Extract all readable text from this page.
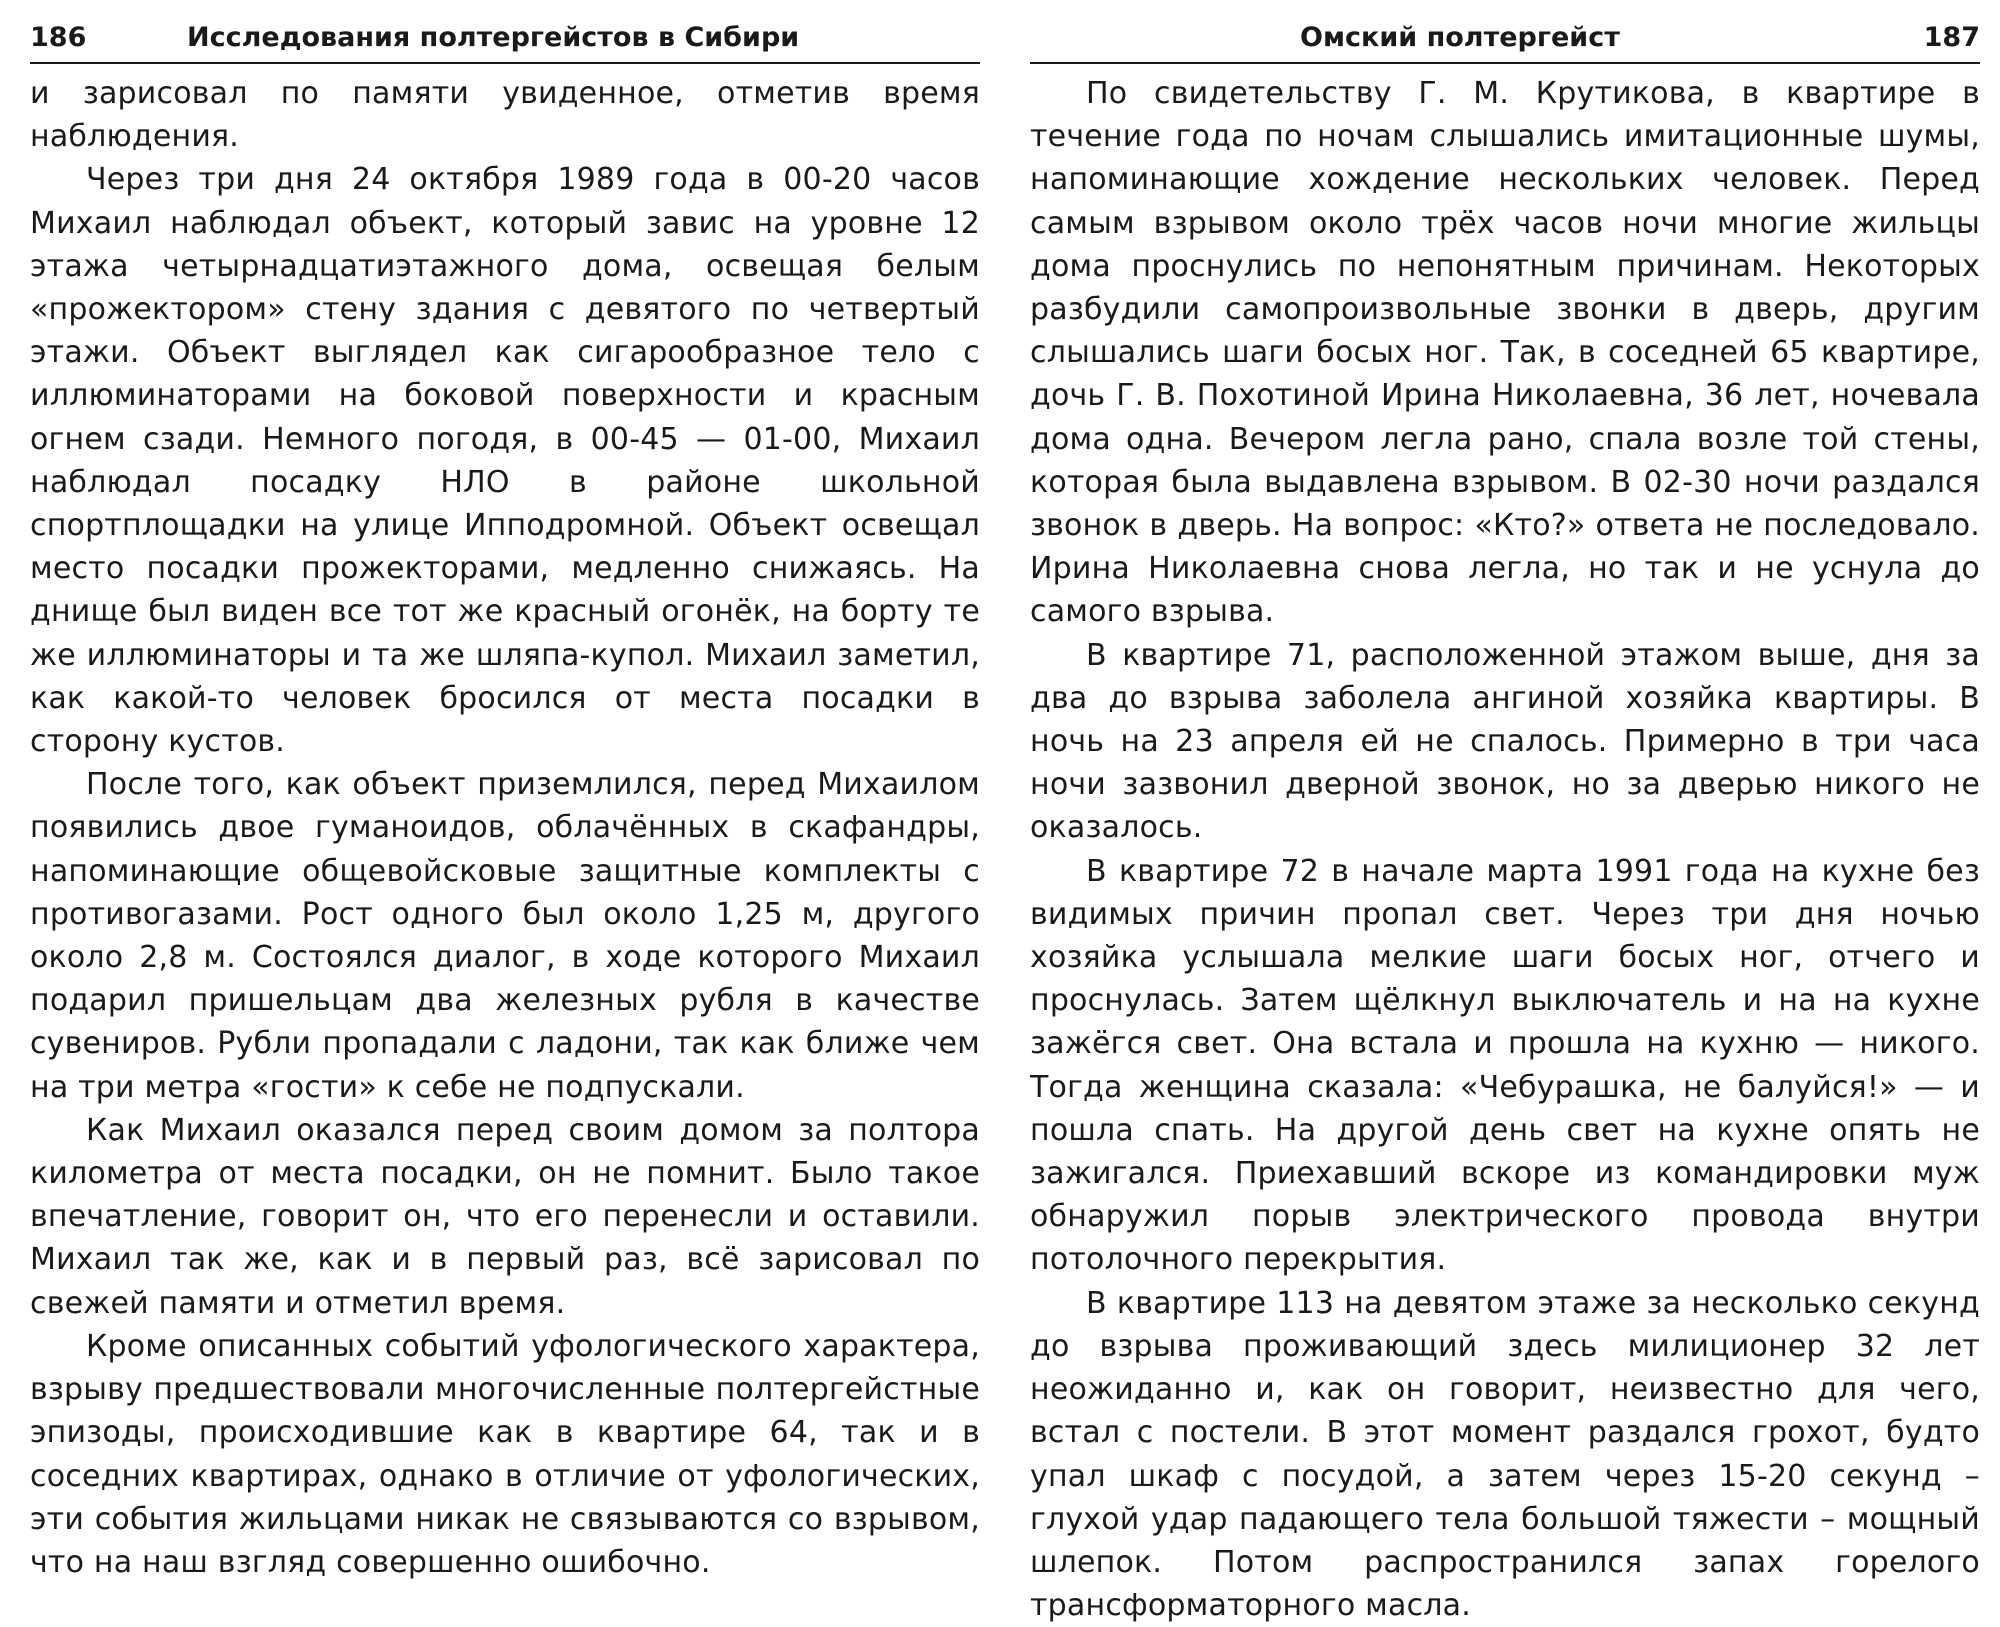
186	Исследования полтергейстов в Сибири

и зарисовал по памяти увиденное, отметив время наблюдения.

Через три дня 24 октября 1989 года в 00-20 часов Михаил наблюдал объект, который завис на уровне 12 этажа четырнадцатиэтажного дома, освещая белым «прожектором» стену здания с девятого по четвертый этажи. Объект выглядел как сигарообразное тело с иллюминаторами на боковой поверхности и красным огнем сзади. Немного погодя, в 00-45 — 01-00, Михаил наблюдал посадку НЛО в районе школьной спортплощадки на улице Ипподромной. Объект освещал место посадки прожекторами, медленно снижаясь. На днище был виден все тот же красный огонёк, на борту те же иллюминаторы и та же шляпа-купол. Михаил заметил, как какой-то человек бросился от места посадки в сторону кустов.

После того, как объект приземлился, перед Михаилом появились двое гуманоидов, облачённых в скафандры, напоминающие общевойсковые защитные комплекты с противогазами. Рост одного был около 1,25 м, другого около 2,8 м. Состоялся диалог, в ходе которого Михаил подарил пришельцам два железных рубля в качестве сувениров. Рубли пропадали с ладони, так как ближе чем на три метра «гости» к себе не подпускали.

Как Михаил оказался перед своим домом за полтора километра от места посадки, он не помнит. Было такое впечатление, говорит он, что его перенесли и оставили. Михаил так же, как и в первый раз, всё зарисовал по свежей памяти и отметил время.

Кроме описанных событий уфологического характера, взрыву предшествовали многочисленные полтергейстные эпизоды, происходившие как в квартире 64, так и в соседних квартирах, однако в отличие от уфологических, эти события жильцами никак не связываются со взрывом, что на наш взгляд совершенно ошибочно.

Омский полтергейст	187

По свидетельству Г. М. Крутикова, в квартире в течение года по ночам слышались имитационные шумы, напоминающие хождение нескольких человек. Перед самым взрывом около трёх часов ночи многие жильцы дома проснулись по непонятным причинам. Некоторых разбудили самопроизвольные звонки в дверь, другим слышались шаги босых ног. Так, в соседней 65 квартире, дочь Г. В. Похотиной Ирина Николаевна, 36 лет, ночевала дома одна. Вечером легла рано, спала возле той стены, которая была выдавлена взрывом. В 02-30 ночи раздался звонок в дверь. На вопрос: «Кто?» ответа не последовало. Ирина Николаевна снова легла, но так и не уснула до самого взрыва.

В квартире 71, расположенной этажом выше, дня за два до взрыва заболела ангиной хозяйка квартиры. В ночь на 23 апреля ей не спалось. Примерно в три часа ночи зазвонил дверной звонок, но за дверью никого не оказалось.

В квартире 72 в начале марта 1991 года на кухне без видимых причин пропал свет. Через три дня ночью хозяйка услышала мелкие шаги босых ног, отчего и проснулась. Затем щёлкнул выключатель и на на кухне зажёгся свет. Она встала и прошла на кухню — никого. Тогда женщина сказала: «Чебурашка, не балуйся!» — и пошла спать. На другой день свет на кухне опять не зажигался. Приехавший вскоре из командировки муж обнаружил порыв электрического провода внутри потолочного перекрытия.

В квартире 113 на девятом этаже за несколько секунд до взрыва проживающий здесь милиционер 32 лет неожиданно и, как он говорит, неизвестно для чего, встал с постели. В этот момент раздался грохот, будто упал шкаф с посудой, а затем через 15-20 секунд – глухой удар падающего тела большой тяжести – мощный шлепок. Потом распространился запах горелого трансформаторного масла.
